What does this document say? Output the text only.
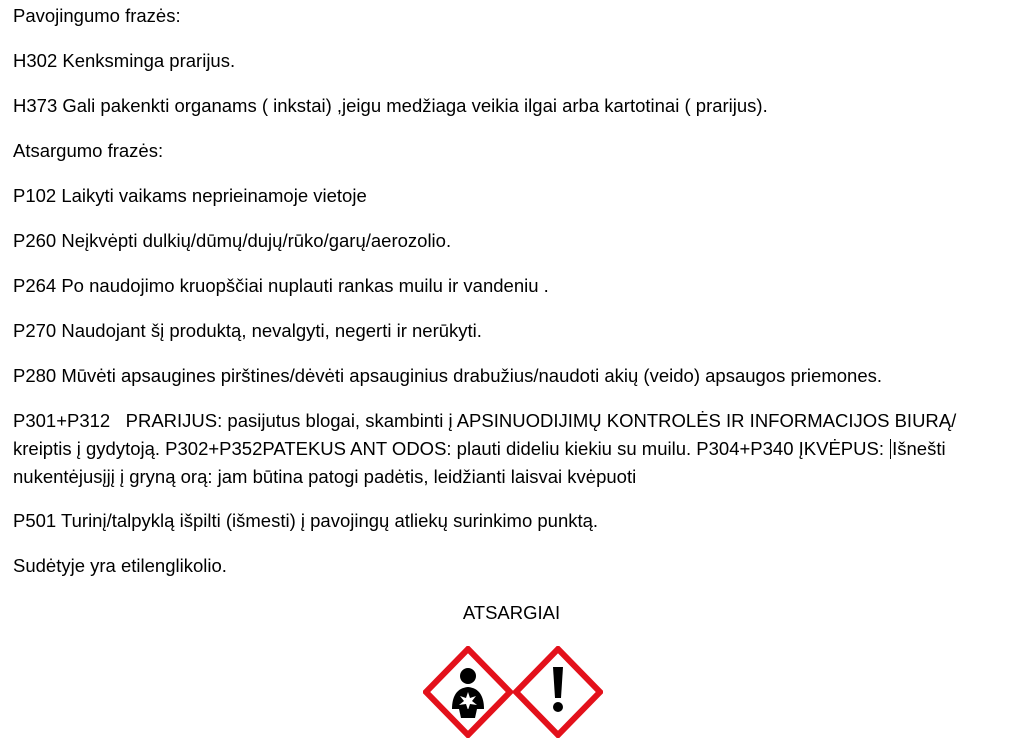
Pavojingumo frazės:

H302 Kenksminga prarijus.

H373 Gali pakenkti organams ( inkstai) ,jeigu medžiaga veikia ilgai arba kartotinai ( prarijus).

Atsargumo frazės:

P102 Laikyti vaikams neprieinamoje vietoje

P260 Neįkvėpti dulkių/dūmų/dujų/rūko/garų/aerozolio.

P264 Po naudojimo kruopščiai nuplauti rankas muilu ir vandeniu .

P270 Naudojant šį produktą, nevalgyti, negerti ir nerūkyti.

P280 Mūvėti apsaugines pirštines/dėvėti apsauginius drabužius/naudoti akių (veido) apsaugos priemones.

P301+P312   PRARIJUS: pasijutus blogai, skambinti į APSINUODIJIMŲ KONTROLĖS IR INFORMACIJOS BIURĄ/ kreiptis į gydytoją. P302+P352PATEKUS ANT ODOS: plauti dideliu kiekiu su muilu. P304+P340 ĮKVĖPUS: Išnešti nukentėjusįjį į gryną orą: jam būtina patogi padėtis, leidžianti laisvai kvėpuoti

P501 Turinį/talpyklą išpilti (išmesti) į pavojingų atliekų surinkimo punktą.

Sudėtyje yra etilenglikolio.

ATSARGIAI
